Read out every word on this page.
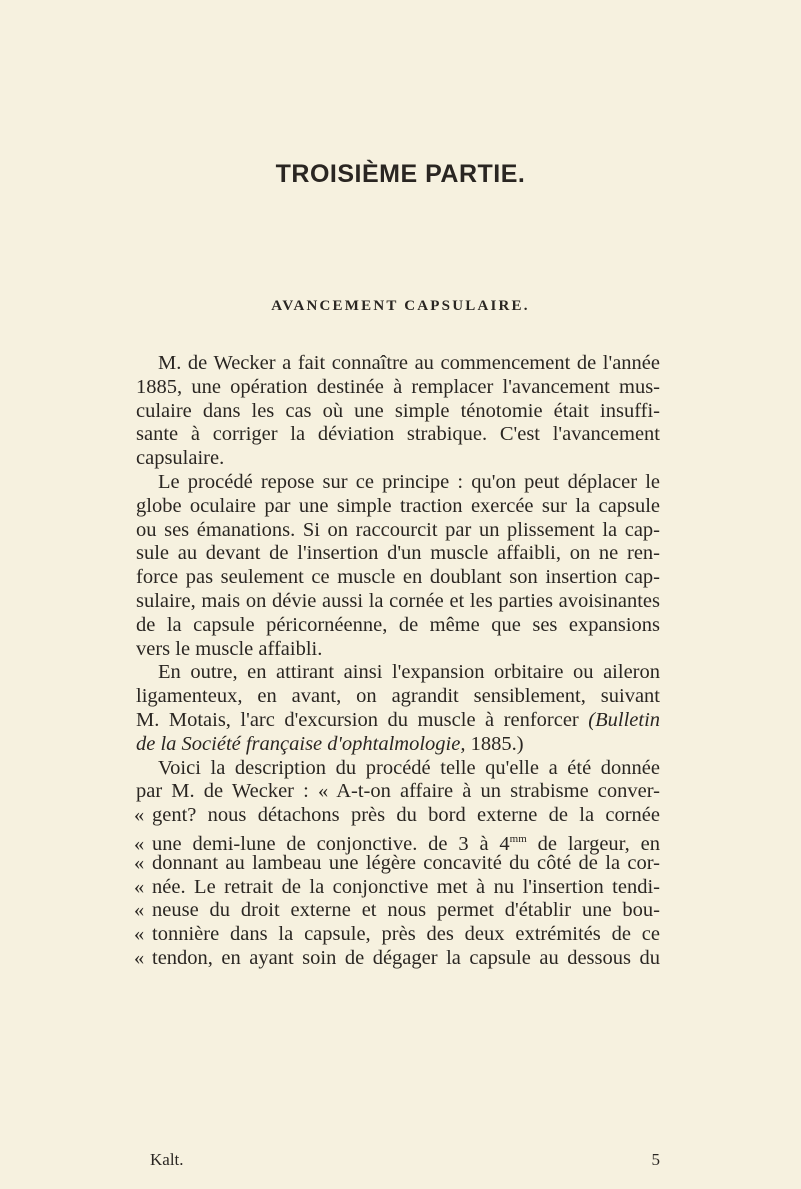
TROISIÈME PARTIE.
AVANCEMENT CAPSULAIRE.
M. de Wecker a fait connaître au commencement de l'année
1885, une opération destinée à remplacer l'avancement mus-
culaire dans les cas où une simple ténotomie était insuffi-
sante à corriger la déviation strabique. C'est l'avancement
capsulaire.
Le procédé repose sur ce principe : qu'on peut déplacer le
globe oculaire par une simple traction exercée sur la capsule
ou ses émanations. Si on raccourcit par un plissement la cap-
sule au devant de l'insertion d'un muscle affaibli, on ne ren-
force pas seulement ce muscle en doublant son insertion cap-
sulaire, mais on dévie aussi la cornée et les parties avoisinantes
de la capsule péricornéenne, de même que ses expansions
vers le muscle affaibli.
En outre, en attirant ainsi l'expansion orbitaire ou aileron
ligamenteux, en avant, on agrandit sensiblement, suivant
M. Motais, l'arc d'excursion du muscle à renforcer (Bulletin
de la Société française d'ophtalmologie, 1885.)
Voici la description du procédé telle qu'elle a été donnée
par M. de Wecker : « A-t-on affaire à un strabisme conver-
« gent? nous détachons près du bord externe de la cornée
« une demi-lune de conjonctive. de 3 à $4^{mm}$ de largeur, en
« donnant au lambeau une légère concavité du côté de la cor-
« née. Le retrait de la conjonctive met à nu l'insertion tendi-
« neuse du droit externe et nous permet d'établir une bou-
« tonnière dans la capsule, près des deux extrémités de ce
« tendon, en ayant soin de dégager la capsule au dessous du
Kalt.	5
